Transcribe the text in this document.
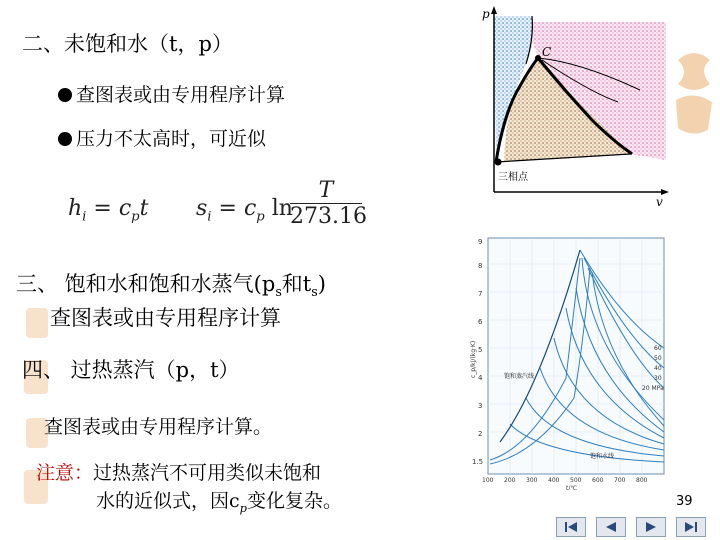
二、未饱和水（t，p）
查图表或由专用程序计算
压力不太高时，可近似
$h_i = c_pt$ $s_i = c_p$ ln
$\frac{T}{273.16}$
三、 饱和水和饱和水蒸气($p_s$和$t_s$)
查图表或由专用程序计算
四、 过热蒸汽（p，t）
查图表或由专用程序计算。
注意：过热蒸汽不可用类似未饱和
水的近似式，因$c_p$变化复杂。
p
v
C
三相点
9
8
7
6
5
4
3
2
1.5
100 200 300 400 500 600 700 800
t/℃
c_p/kJ/(kg·K)	饱和蒸汽线
饱和水线
60
50
40
30
20 MPa
39
